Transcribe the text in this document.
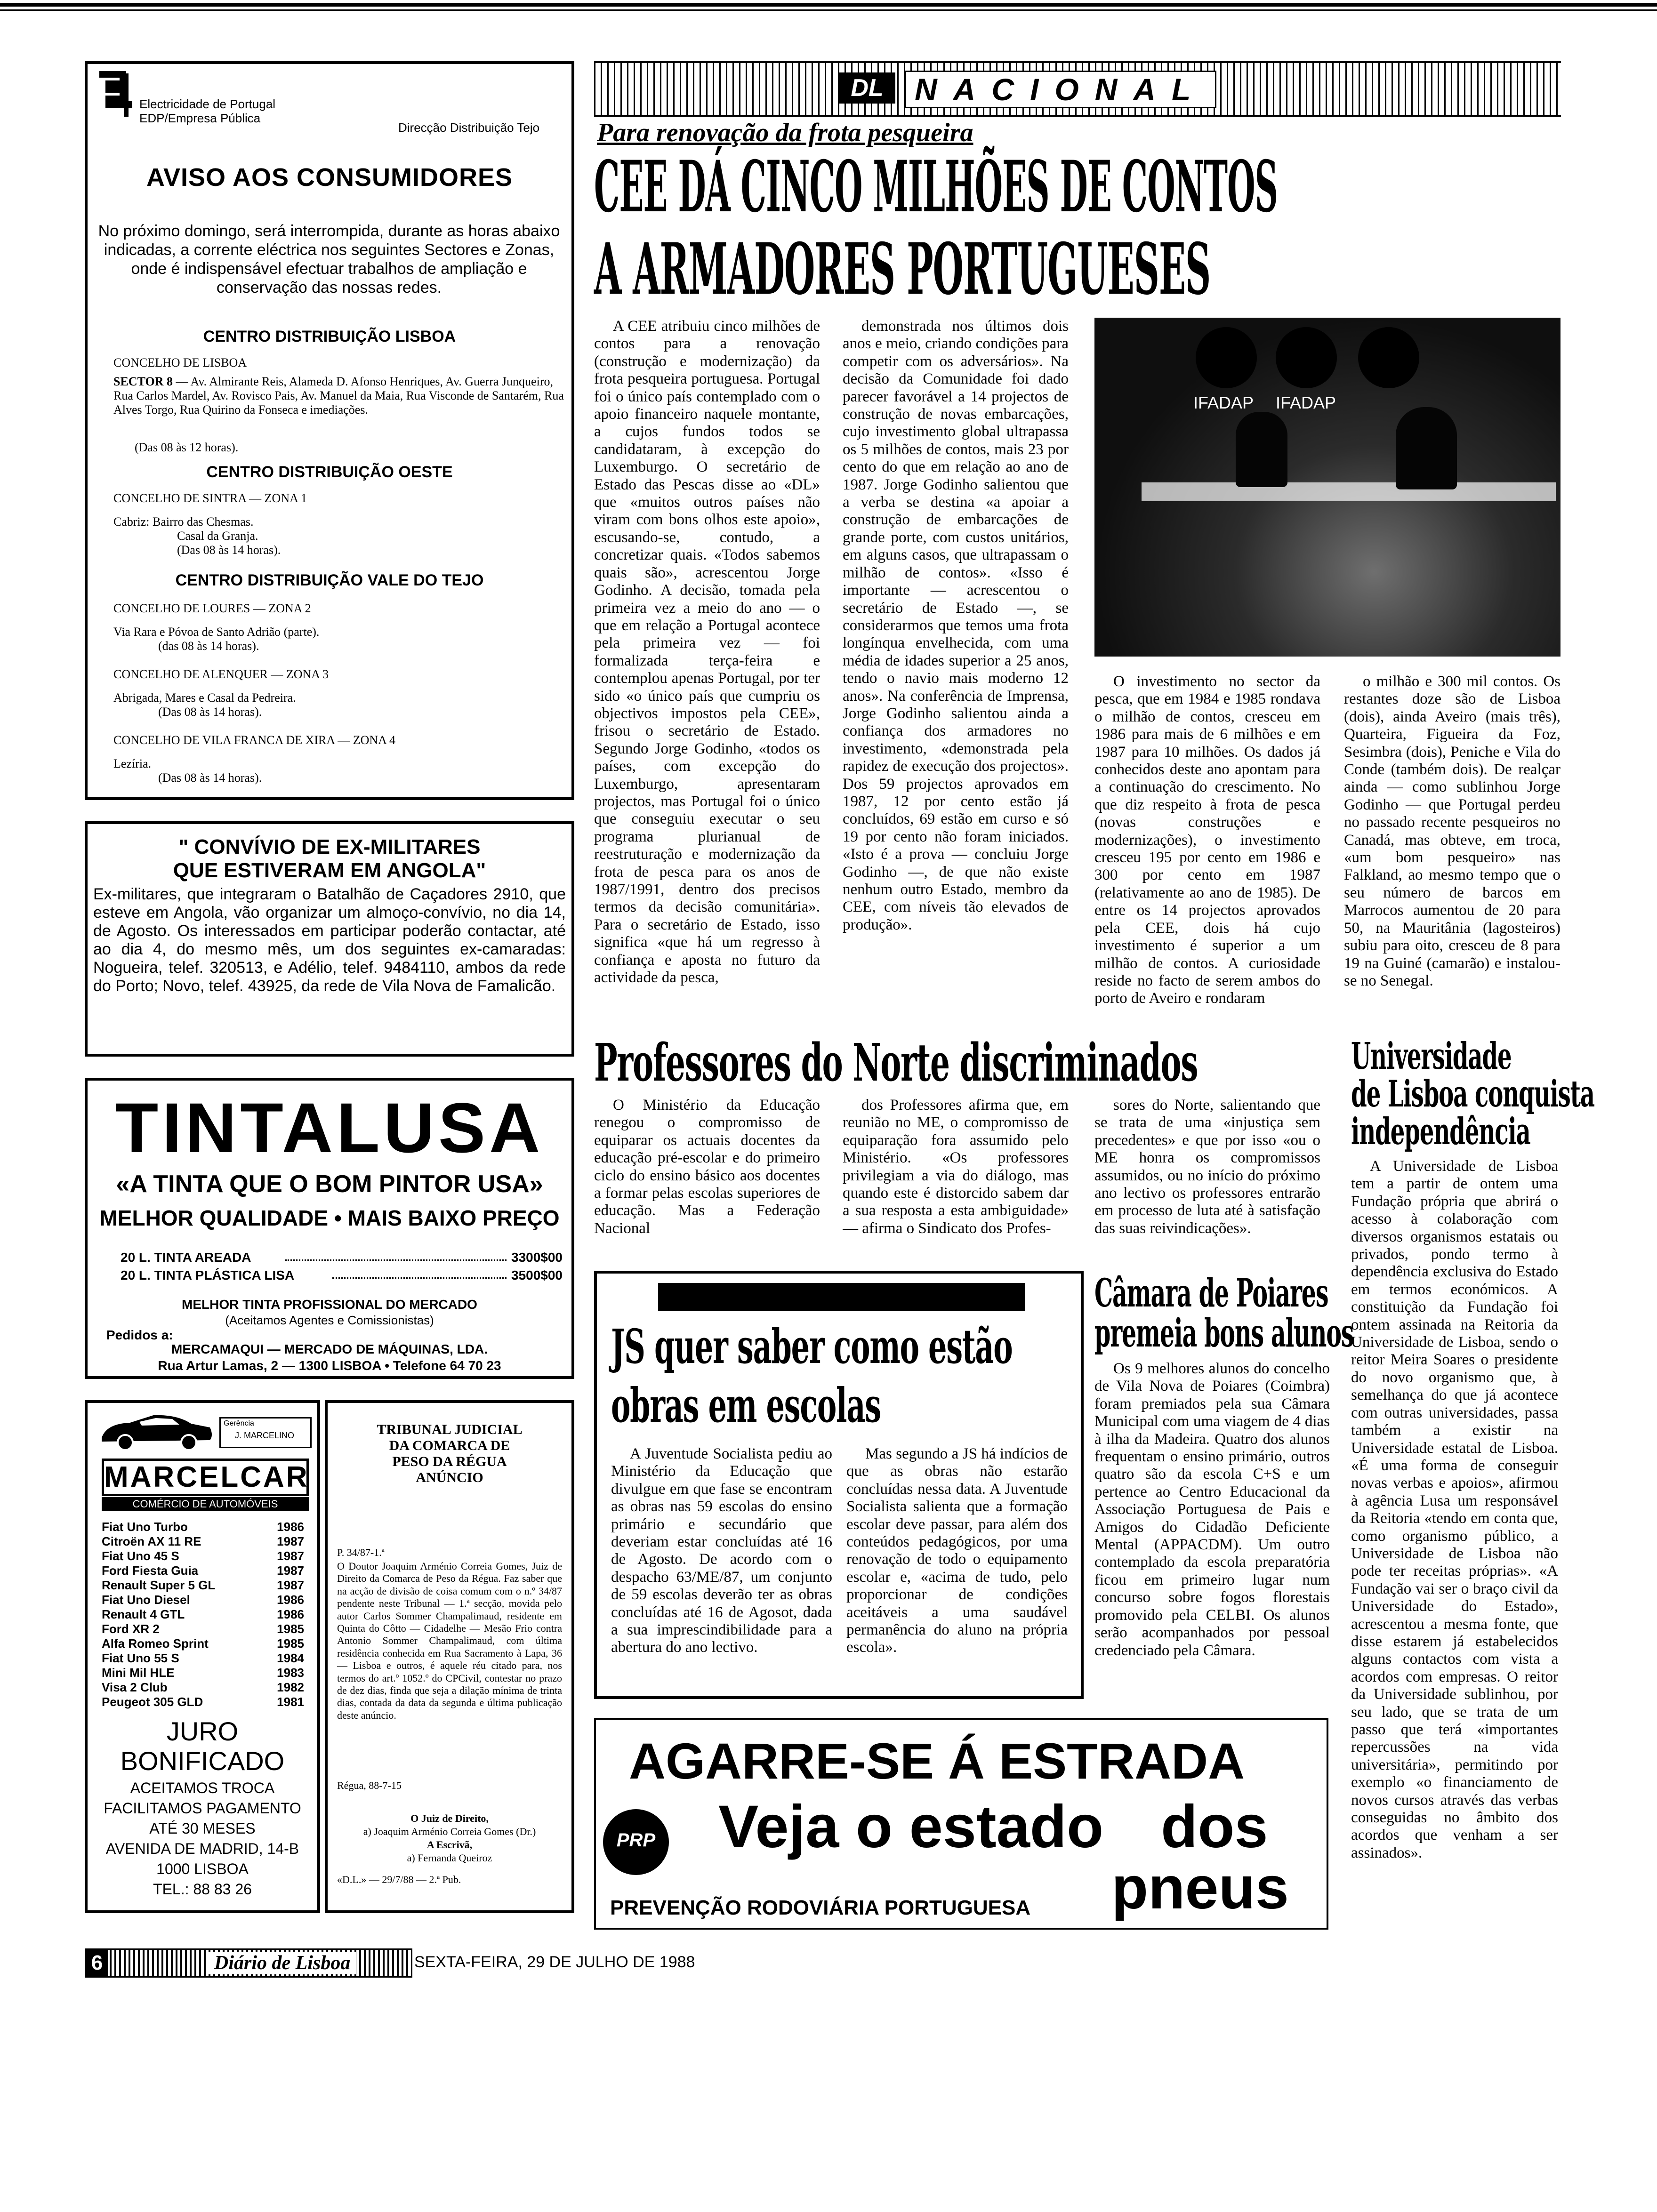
Electricidade de Portugal
EDP/Empresa Pública
Direcção Distribuição Tejo
AVISO AOS CONSUMIDORES
No próximo domingo, será interrompida, durante as horas abaixo indicadas, a corrente eléctrica nos seguintes Sectores e Zonas, onde é indispensável efectuar trabalhos de ampliação e conservação das nossas redes.
CENTRO DISTRIBUIÇÃO LISBOA
CONCELHO DE LISBOA
SECTOR 8 — Av. Almirante Reis, Alameda D. Afonso Henriques, Av. Guerra Junqueiro, Rua Carlos Mardel, Av. Rovisco Pais, Av. Manuel da Maia, Rua Visconde de Santarém, Rua Alves Torgo, Rua Quirino da Fonseca e imediações.
(Das 08 às 12 horas).
CENTRO DISTRIBUIÇÃO OESTE
CONCELHO DE SINTRA — ZONA 1
Cabriz: Bairro das Chesmas.
Casal da Granja.
(Das 08 às 14 horas).
CENTRO DISTRIBUIÇÃO VALE DO TEJO
CONCELHO DE LOURES — ZONA 2
Via Rara e Póvoa de Santo Adrião (parte).
(das 08 às 14 horas).
CONCELHO DE ALENQUER — ZONA 3
Abrigada, Mares e Casal da Pedreira.
(Das 08 às 14 horas).
CONCELHO DE VILA FRANCA DE XIRA — ZONA 4
Lezíria.
(Das 08 às 14 horas).
" CONVÍVIO DE EX-MILITARES
QUE ESTIVERAM EM ANGOLA"
Ex-militares, que integraram o Batalhão de Caçadores 2910, que esteve em Angola, vão organizar um almoço-convívio, no dia 14, de Agosto. Os interessados em participar poderão contactar, até ao dia 4, do mesmo mês, um dos seguintes ex-camaradas: Nogueira, telef. 320513, e Adélio, telef. 9484110, ambos da rede do Porto; Novo, telef. 43925, da rede de Vila Nova de Famalicão.
TINTALUSA
«A TINTA QUE O BOM PINTOR USA»
MELHOR QUALIDADE • MAIS BAIXO PREÇO
20 L. TINTA AREADA	3300$00
20 L. TINTA PLÁSTICA LISA	3500$00
MELHOR TINTA PROFISSIONAL DO MERCADO
(Aceitamos Agentes e Comissionistas)
Pedidos a:
MERCAMAQUI — MERCADO DE MÁQUINAS, LDA.
Rua Artur Lamas, 2 — 1300 LISBOA • Telefone 64 70 23
Gerência
J. MARCELINO
MARCELCAR
COMÉRCIO DE AUTOMÓVEIS
Fiat Uno Turbo	1986
Citroën AX 11 RE	1987
Fiat Uno 45 S	1987
Ford Fiesta Guia	1987
Renault Super 5 GL	1987
Fiat Uno Diesel	1986
Renault 4 GTL	1986
Ford XR 2	1985
Alfa Romeo Sprint	1985
Fiat Uno 55 S	1984
Mini Mil HLE	1983
Visa 2 Club	1982
Peugeot 305 GLD	1981
JURO
BONIFICADO
ACEITAMOS TROCA
FACILITAMOS PAGAMENTO
ATÉ 30 MESES
AVENIDA DE MADRID, 14-B
1000 LISBOA
TEL.: 88 83 26
TRIBUNAL JUDICIAL
DA COMARCA DE
PESO DA RÉGUA
ANÚNCIO
P. 34/87-1.ª
O Doutor Joaquim Arménio Correia Gomes, Juiz de Direito da Comarca de Peso da Régua. Faz saber que na acção de divisão de coisa comum com o n.º 34/87 pendente neste Tribunal — 1.ª secção, movida pelo autor Carlos Sommer Champalimaud, residente em Quinta do Côtto — Cidadelhe — Mesão Frio contra Antonio Sommer Champalimaud, com última residência conhecida em Rua Sacramento à Lapa, 36 — Lisboa e outros, é aquele réu citado para, nos termos do art.º 1052.º do CPCivil, contestar no prazo de dez dias, finda que seja a dilação mínima de trinta dias, contada da data da segunda e última publicação deste anúncio.
Régua, 88-7-15
O Juiz de Direito,
a) Joaquim Arménio Correia Gomes (Dr.)
A Escrivã,
a) Fernanda Queiroz
«D.L.» — 29/7/88 — 2.ª Pub.
DL	NACIONAL
Para renovação da frota pesqueira
CEE DÁ CINCO MILHÕES DE CONTOS
A ARMADORES PORTUGUESES

A CEE atribuiu cinco milhões de contos para a renovação (construção e modernização) da frota pesqueira portuguesa. Portugal foi o único país contemplado com o apoio financeiro naquele montante, a cujos fundos todos se candidataram, à excepção do Luxemburgo. O secretário de Estado das Pescas disse ao «DL» que «muitos outros países não viram com bons olhos este apoio», escusando-se, contudo, a concretizar quais. «Todos sabemos quais são», acrescentou Jorge Godinho. A decisão, tomada pela primeira vez a meio do ano — o que em relação a Portugal acontece pela primeira vez — foi formalizada terça-feira e contemplou apenas Portugal, por ter sido «o único país que cumpriu os objectivos impostos pela CEE», frisou o secretário de Estado. Segundo Jorge Godinho, «todos os países, com excepção do Luxemburgo, apresentaram projectos, mas Portugal foi o único que conseguiu executar o seu programa plurianual de reestruturação e modernização da frota de pesca para os anos de 1987/1991, dentro dos precisos termos da decisão comunitária». Para o secretário de Estado, isso significa «que há um regresso à confiança e aposta no futuro da actividade da pesca,

demonstrada nos últimos dois anos e meio, criando condições para competir com os adversários». Na decisão da Comunidade foi dado parecer favorável a 14 projectos de construção de novas embarcações, cujo investimento global ultrapassa os 5 milhões de contos, mais 23 por cento do que em relação ao ano de 1987. Jorge Godinho salientou que a verba se destina «a apoiar a construção de embarcações de grande porte, com custos unitários, em alguns casos, que ultrapassam o milhão de contos». «Isso é importante — acrescentou o secretário de Estado —, se considerarmos que temos uma frota longínqua envelhecida, com uma média de idades superior a 25 anos, tendo o navio mais moderno 12 anos». Na conferência de Imprensa, Jorge Godinho salientou ainda a confiança dos armadores no investimento, «demonstrada pela rapidez de execução dos projectos». Dos 59 projectos aprovados em 1987, 12 por cento estão já concluídos, 69 estão em curso e só 19 por cento não foram iniciados. «Isto é a prova — concluiu Jorge Godinho —, de que não existe nenhum outro Estado, membro da CEE, com níveis tão elevados de produção».

IFADAP IFADAP

O investimento no sector da pesca, que em 1984 e 1985 rondava o milhão de contos, cresceu em 1986 para mais de 6 milhões e em 1987 para 10 milhões. Os dados já conhecidos deste ano apontam para a continuação do crescimento. No que diz respeito à frota de pesca (novas construções e modernizações), o investimento cresceu 195 por cento em 1986 e 300 por cento em 1987 (relativamente ao ano de 1985). De entre os 14 projectos aprovados pela CEE, dois há cujo investimento é superior a um milhão de contos. A curiosidade reside no facto de serem ambos do porto de Aveiro e rondaram

o milhão e 300 mil contos. Os restantes doze são de Lisboa (dois), ainda Aveiro (mais três), Quarteira, Figueira da Foz, Sesimbra (dois), Peniche e Vila do Conde (também dois). De realçar ainda — como sublinhou Jorge Godinho — que Portugal perdeu no passado recente pesqueiros no Canadá, mas obteve, em troca, «um bom pesqueiro» nas Falkland, ao mesmo tempo que o seu número de barcos em Marrocos aumentou de 20 para 50, na Mauritânia (lagosteiros) subiu para oito, cresceu de 8 para 19 na Guiné (camarão) e instalou-se no Senegal.

Professores do Norte discriminados

O Ministério da Educação renegou o compromisso de equiparar os actuais docentes da educação pré-escolar e do primeiro ciclo do ensino básico aos docentes a formar pelas escolas superiores de educação. Mas a Federação Nacional

dos Professores afirma que, em reunião no ME, o compromisso de equiparação fora assumido pelo Ministério. «Os professores privilegiam a via do diálogo, mas quando este é distorcido sabem dar a sua resposta a esta ambiguidade» — afirma o Sindicato dos Profes-

sores do Norte, salientando que se trata de uma «injustiça sem precedentes» e que por isso «ou o ME honra os compromissos assumidos, ou no início do próximo ano lectivo os professores entrarão em processo de luta até à satisfação das suas reivindicações».

Universidade
de Lisboa conquista
independência

A Universidade de Lisboa tem a partir de ontem uma Fundação própria que abrirá o acesso à colaboração com diversos organismos estatais ou privados, pondo termo à dependência exclusiva do Estado em termos económicos. A constituição da Fundação foi ontem assinada na Reitoria da Universidade de Lisboa, sendo o reitor Meira Soares o presidente do novo organismo que, à semelhança do que já acontece com outras universidades, passa também a existir na Universidade estatal de Lisboa. «É uma forma de conseguir novas verbas e apoios», afirmou à agência Lusa um responsável da Reitoria «tendo em conta que, como organismo público, a Universidade de Lisboa não pode ter receitas próprias». «A Fundação vai ser o braço civil da Universidade do Estado», acrescentou a mesma fonte, que disse estarem já estabelecidos alguns contactos com vista a acordos com empresas. O reitor da Universidade sublinhou, por seu lado, que se trata de um passo que terá «importantes repercussões na vida universitária», permitindo por exemplo «o financiamento de novos cursos através das verbas conseguidas no âmbito dos acordos que venham a ser assinados».

JS quer saber como estão
obras em escolas

A Juventude Socialista pediu ao Ministério da Educação que divulgue em que fase se encontram as obras nas 59 escolas do ensino primário e secundário que deveriam estar concluídas até 16 de Agosto. De acordo com o despacho 63/ME/87, um conjunto de 59 escolas deverão ter as obras concluídas até 16 de Agosot, dada a sua imprescindibilidade para a abertura do ano lectivo.

Mas segundo a JS há indícios de que as obras não estarão concluídas nessa data. A Juventude Socialista salienta que a formação escolar deve passar, para além dos conteúdos pedagógicos, por uma renovação de todo o equipamento escolar e, «acima de tudo, pelo proporcionar de condições aceitáveis a uma saudável permanência do aluno na própria escola».

Câmara de Poiares
premeia bons alunos

Os 9 melhores alunos do concelho de Vila Nova de Poiares (Coimbra) foram premiados pela sua Câmara Municipal com uma viagem de 4 dias à ilha da Madeira. Quatro dos alunos frequentam o ensino primário, outros quatro são da escola C+S e um pertence ao Centro Educacional da Associação Portuguesa de Pais e Amigos do Cidadão Deficiente Mental (APPACDM). Um outro contemplado da escola preparatória ficou em primeiro lugar num concurso sobre fogos florestais promovido pela CELBI. Os alunos serão acompanhados por pessoal credenciado pela Câmara.

AGARRE-SE Á ESTRADA
Veja o estado dos
pneus
PRP
PREVENÇÃO RODOVIÁRIA PORTUGUESA
6	Diário de Lisboa	SEXTA-FEIRA, 29 DE JULHO DE 1988
